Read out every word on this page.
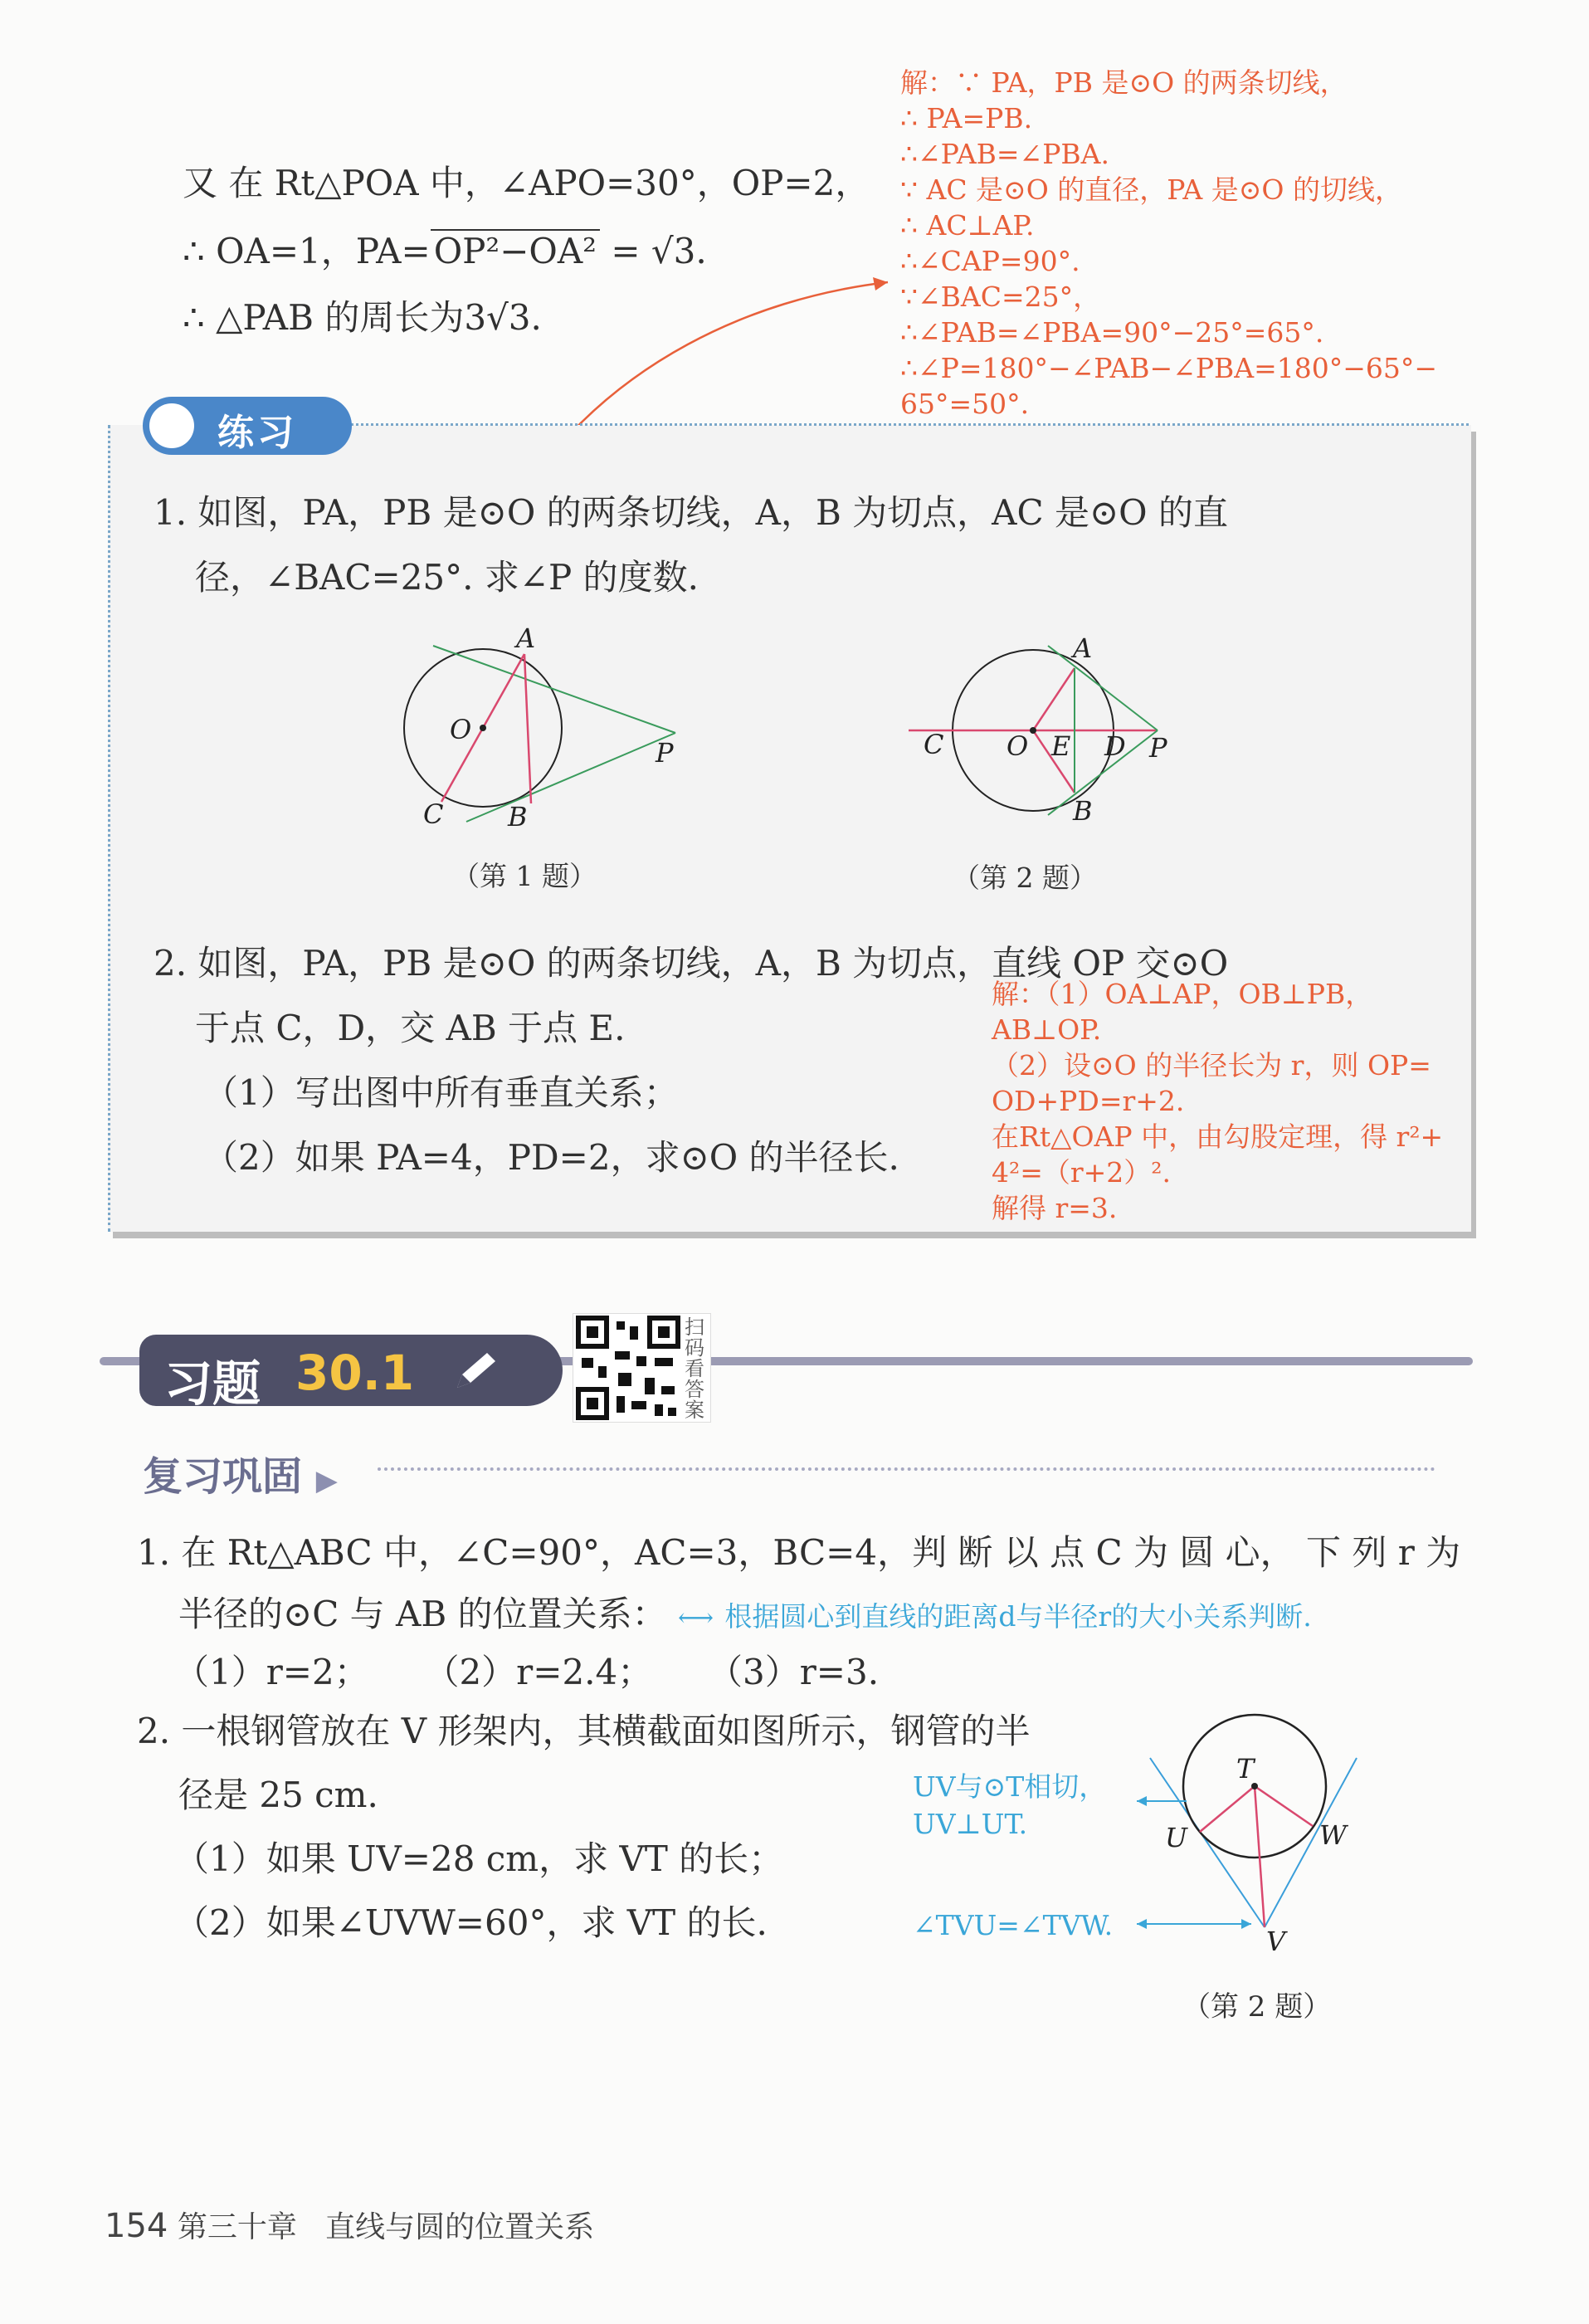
又 在 Rt△POA 中，∠APO=30°，OP=2，
∴ OA=1，PA=OP²−OA² = √3.
∴ △PAB 的周长为3√3.
解：∵ PA，PB 是⊙O 的两条切线，
∴ PA=PB.
∴∠PAB=∠PBA.
∵ AC 是⊙O 的直径，PA 是⊙O 的切线，
∴ AC⊥AP.
∴∠CAP=90°.
∵∠BAC=25°，
∴∠PAB=∠PBA=90°−25°=65°.
∴∠P=180°−∠PAB−∠PBA=180°−65°−
65°=50°.
练习
1. 如图，PA，PB 是⊙O 的两条切线，A，B 为切点，AC 是⊙O 的直
径，∠BAC=25°. 求∠P 的度数.
A
O
P
C B
（第 1 题）
A
C O E D P
B
（第 2 题）
2. 如图，PA，PB 是⊙O 的两条切线，A，B 为切点，直线 OP 交⊙O
于点 C，D，交 AB 于点 E.
（1）写出图中所有垂直关系；
（2）如果 PA=4，PD=2，求⊙O 的半径长.
解：（1）OA⊥AP，OB⊥PB，
AB⊥OP.
（2）设⊙O 的半径长为 r，则 OP=
OD+PD=r+2.
在Rt△OAP 中，由勾股定理，得 r²+
4²=（r+2）².
解得 r=3.
习题 30.1
扫码看答案
复习巩固 ▶
1. 在 Rt△ABC 中，∠C=90°，AC=3，BC=4，判 断 以 点 C 为 圆 心， 下 列 r 为
半径的⊙C 与 AB 的位置关系： ⟷ 根据圆心到直线的距离d与半径r的大小关系判断.
（1）r=2；     （2）r=2.4；     （3）r=3.
2. 一根钢管放在 V 形架内，其横截面如图所示，钢管的半
径是 25 cm.
（1）如果 UV=28 cm，求 VT 的长；
（2）如果∠UVW=60°，求 VT 的长.
UV与⊙T相切，
UV⊥UT.
∠TVU=∠TVW.
T
U	W
V
（第 2 题）
154 第三十章 直线与圆的位置关系
